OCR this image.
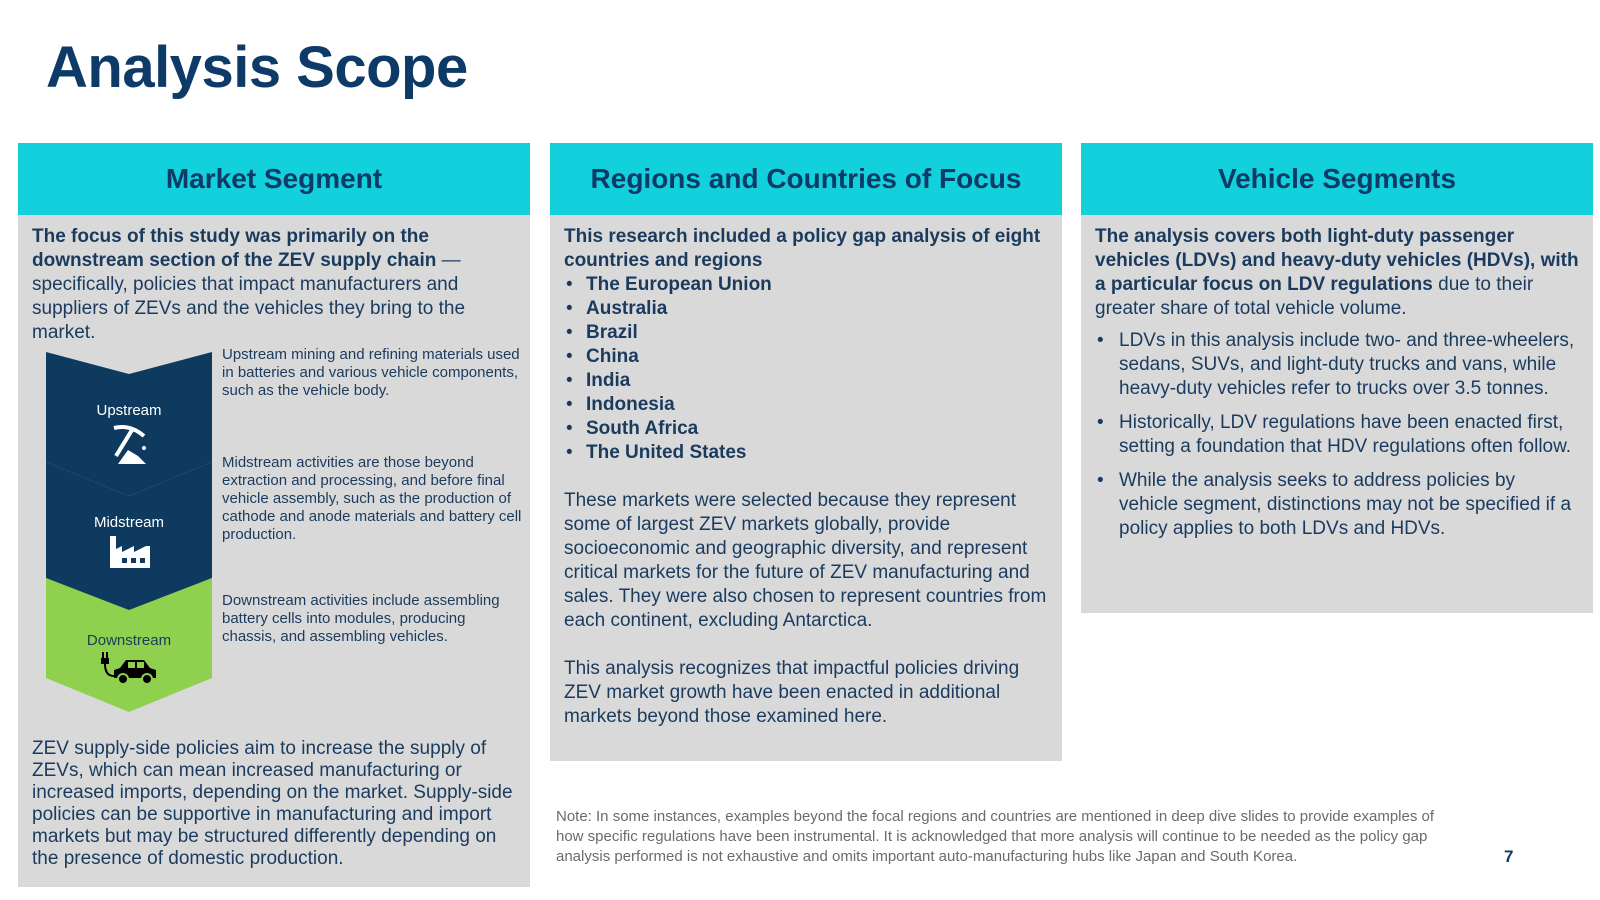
Analysis Scope
Market Segment
The focus of this study was primarily on the downstream section of the ZEV supply chain — specifically, policies that impact manufacturers and suppliers of ZEVs and the vehicles they bring to the market.
ZEV supply-side policies aim to increase the supply of ZEVs, which can mean increased manufacturing or increased imports, depending on the market. Supply-side policies can be supportive in manufacturing and import markets but may be structured differently depending on the presence of domestic production.
Upstream
Upstream mining and refining materials used in batteries and various vehicle components, such as the vehicle body.
Midstream
Midstream activities are those beyond extraction and processing, and before final vehicle assembly, such as the production of cathode and anode materials and battery cell production.
Downstream
Downstream activities include assembling battery cells into modules, producing chassis, and assembling vehicles.
Regions and Countries of Focus
This research included a policy gap analysis of eight countries and regions
• The European Union
• Australia
• Brazil
• China
• India
• Indonesia
• South Africa
• The United States
These markets were selected because they represent some of largest ZEV markets globally, provide socioeconomic and geographic diversity, and represent critical markets for the future of ZEV manufacturing and sales. They were also chosen to represent countries from each continent, excluding Antarctica.
This analysis recognizes that impactful policies driving ZEV market growth have been enacted in additional markets beyond those examined here.
Vehicle Segments
The analysis covers both light-duty passenger vehicles (LDVs) and heavy-duty vehicles (HDVs), with a particular focus on LDV regulations due to their greater share of total vehicle volume.
• LDVs in this analysis include two- and three-wheelers, sedans, SUVs, and light-duty trucks and vans, while heavy-duty vehicles refer to trucks over 3.5 tonnes.
• Historically, LDV regulations have been enacted first, setting a foundation that HDV regulations often follow.
• While the analysis seeks to address policies by vehicle segment, distinctions may not be specified if a policy applies to both LDVs and HDVs.
Note: In some instances, examples beyond the focal regions and countries are mentioned in deep dive slides to provide examples of how specific regulations have been instrumental. It is acknowledged that more analysis will continue to be needed as the policy gap analysis performed is not exhaustive and omits important auto-manufacturing hubs like Japan and South Korea.	7
